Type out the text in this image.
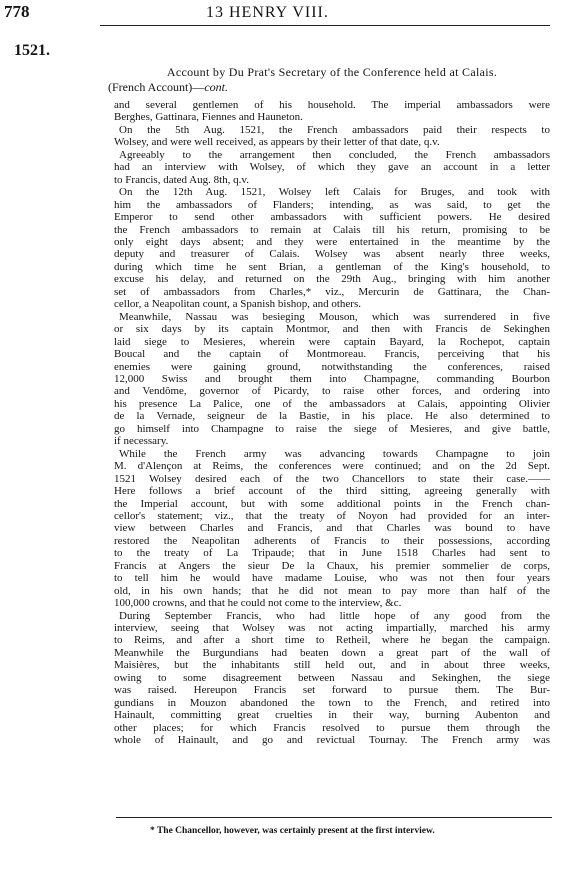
778	13 HENRY VIII.
1521.
Account by Du Prat's Secretary of the Conference held at Calais.
(French Account)—cont.
and several gentlemen of his household. The imperial ambassadors were
Berghes, Gattinara, Fiennes and Hauneton.
On the 5th Aug. 1521, the French ambassadors paid their respects to
Wolsey, and were well received, as appears by their letter of that date, q.v.
Agreeably to the arrangement then concluded, the French ambassadors
had an interview with Wolsey, of which they gave an account in a letter
to Francis, dated Aug. 8th, q.v.
On the 12th Aug. 1521, Wolsey left Calais for Bruges, and took with
him the ambassadors of Flanders; intending, as was said, to get the
Emperor to send other ambassadors with sufficient powers. He desired
the French ambassadors to remain at Calais till his return, promising to be
only eight days absent; and they were entertained in the meantime by the
deputy and treasurer of Calais. Wolsey was absent nearly three weeks,
during which time he sent Brian, a gentleman of the King's household, to
excuse his delay, and returned on the 29th Aug., bringing with him another
set of ambassadors from Charles,* viz., Mercurin de Gattinara, the Chan-
cellor, a Neapolitan count, a Spanish bishop, and others.
Meanwhile, Nassau was besieging Mouson, which was surrendered in five
or six days by its captain Montmor, and then with Francis de Sekinghen
laid siege to Mesieres, wherein were captain Bayard, la Rochepot, captain
Boucal and the captain of Montmoreau. Francis, perceiving that his
enemies were gaining ground, notwithstanding the conferences, raised
12,000 Swiss and brought them into Champagne, commanding Bourbon
and Vendôme, governor of Picardy, to raise other forces, and ordering into
his presence La Palice, one of the ambassadors at Calais, appointing Olivier
de la Vernade, seigneur de la Bastie, in his place. He also determined to
go himself into Champagne to raise the siege of Mesieres, and give battle,
if necessary.
While the French army was advancing towards Champagne to join
M. d'Alençon at Reims, the conferences were continued; and on the 2d Sept.
1521 Wolsey desired each of the two Chancellors to state their case.——
Here follows a brief account of the third sitting, agreeing generally with
the Imperial account, but with some additional points in the French chan-
cellor's statement; viz., that the treaty of Noyon had provided for an inter-
view between Charles and Francis, and that Charles was bound to have
restored the Neapolitan adherents of Francis to their possessions, according
to the treaty of La Tripaude; that in June 1518 Charles had sent to
Francis at Angers the sieur De la Chaux, his premier sommelier de corps,
to tell him he would have madame Louise, who was not then four years
old, in his own hands; that he did not mean to pay more than half of the
100,000 crowns, and that he could not come to the interview, &c.
During September Francis, who had little hope of any good from the
interview, seeing that Wolsey was not acting impartially, marched his army
to Reims, and after a short time to Retheil, where he began the campaign.
Meanwhile the Burgundians had beaten down a great part of the wall of
Maisières, but the inhabitants still held out, and in about three weeks,
owing to some disagreement between Nassau and Sekinghen, the siege
was raised. Hereupon Francis set forward to pursue them. The Bur-
gundians in Mouzon abandoned the town to the French, and retired into
Hainault, committing great cruelties in their way, burning Aubenton and
other places; for which Francis resolved to pursue them through the
whole of Hainault, and go and revictual Tournay. The French army was
* The Chancellor, however, was certainly present at the first interview.
